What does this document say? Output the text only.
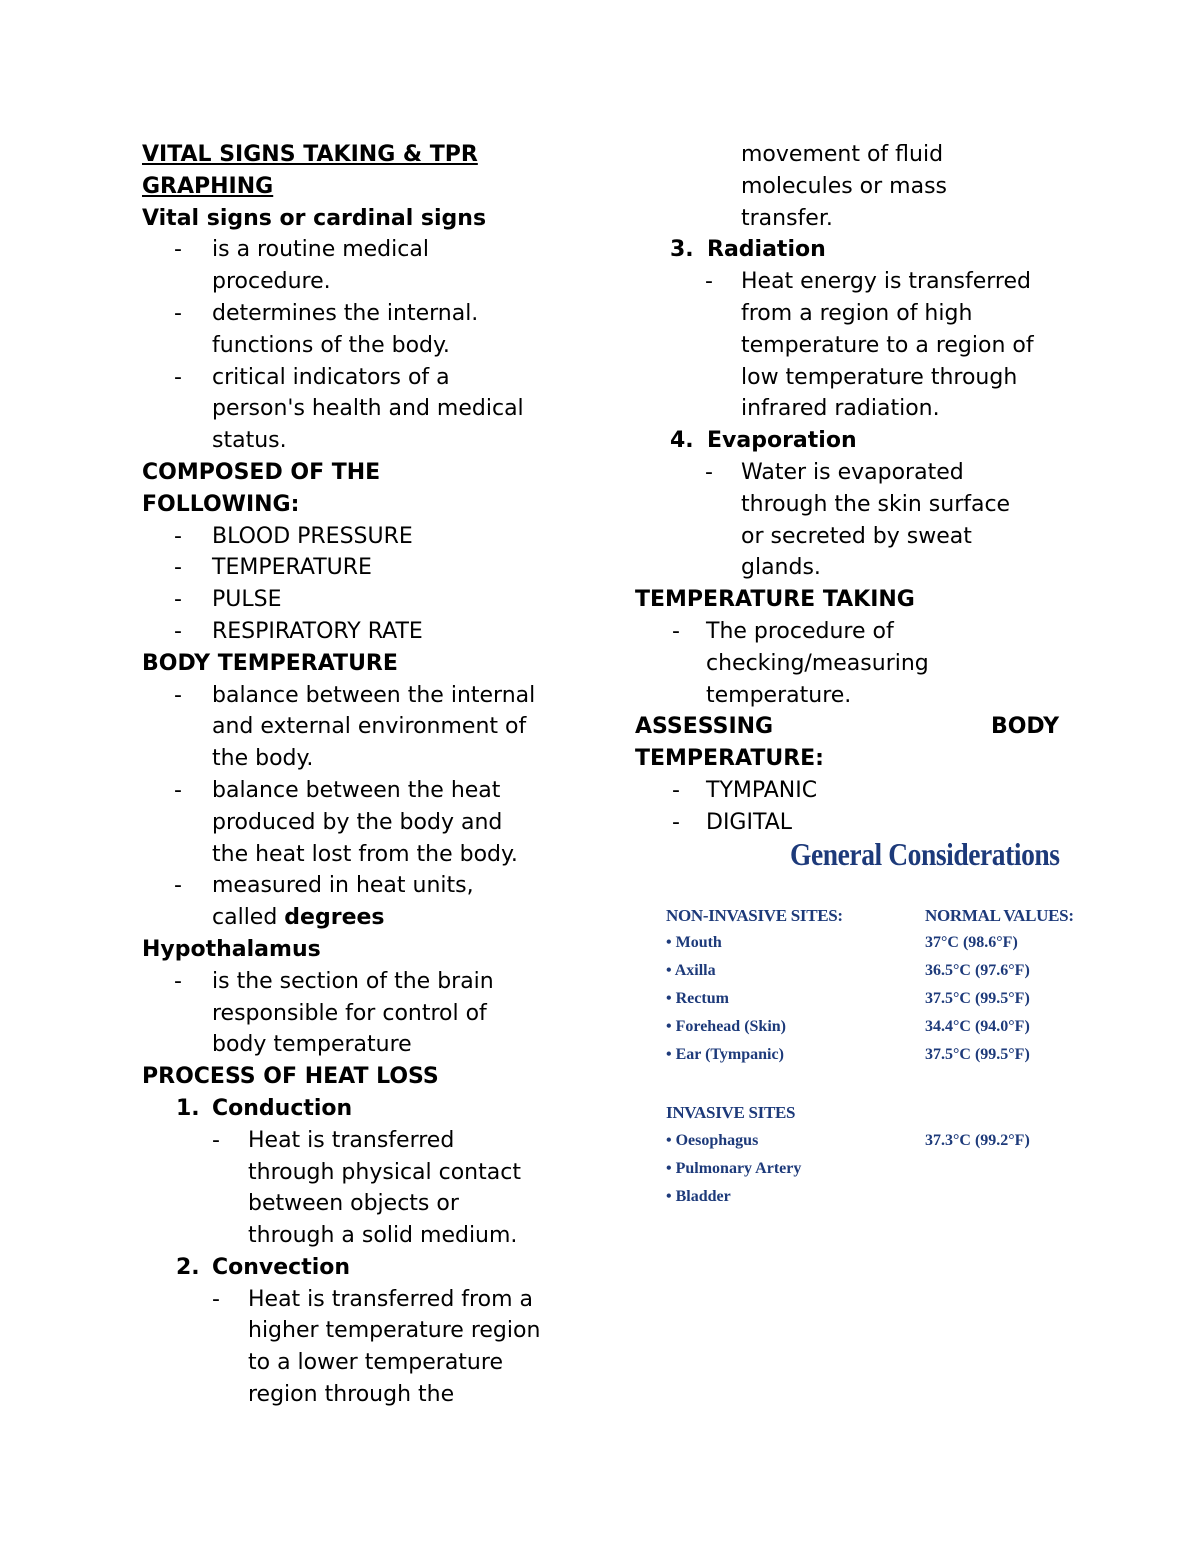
VITAL SIGNS TAKING & TPR

GRAPHING

Vital signs or cardinal signs

- is a routine medical

procedure.

- determines the internal.

functions of the body.

- critical indicators of a

person's health and medical

status.

COMPOSED OF THE

FOLLOWING:

- BLOOD PRESSURE

- TEMPERATURE

- PULSE

- RESPIRATORY RATE

BODY TEMPERATURE

- balance between the internal

and external environment of

the body.

- balance between the heat

produced by the body and

the heat lost from the body.

- measured in heat units,

called degrees

Hypothalamus

- is the section of the brain

responsible for control of

body temperature

PROCESS OF HEAT LOSS

1. Conduction
- Heat is transferred

through physical contact

between objects or

through a solid medium.

2. Convection
- Heat is transferred from a

higher temperature region

to a lower temperature

region through the

movement of fluid

molecules or mass

transfer.

3. Radiation
- Heat energy is transferred

from a region of high

temperature to a region of

low temperature through

infrared radiation.

4. Evaporation
- Water is evaporated

through the skin surface

or secreted by sweat

glands.

TEMPERATURE TAKING

- The procedure of

checking/measuring

temperature.

ASSESSING	BODY

TEMPERATURE:

- TYMPANIC

- DIGITAL

General Considerations
NON-INVASIVE SITES:	NORMAL VALUES:
• Mouth	37°C (98.6°F)
• Axilla	36.5°C (97.6°F)
• Rectum	37.5°C (99.5°F)
• Forehead (Skin)	34.4°C (94.0°F)
• Ear (Tympanic)	37.5°C (99.5°F)
INVASIVE SITES
• Oesophagus	37.3°C (99.2°F)
• Pulmonary Artery
• Bladder
